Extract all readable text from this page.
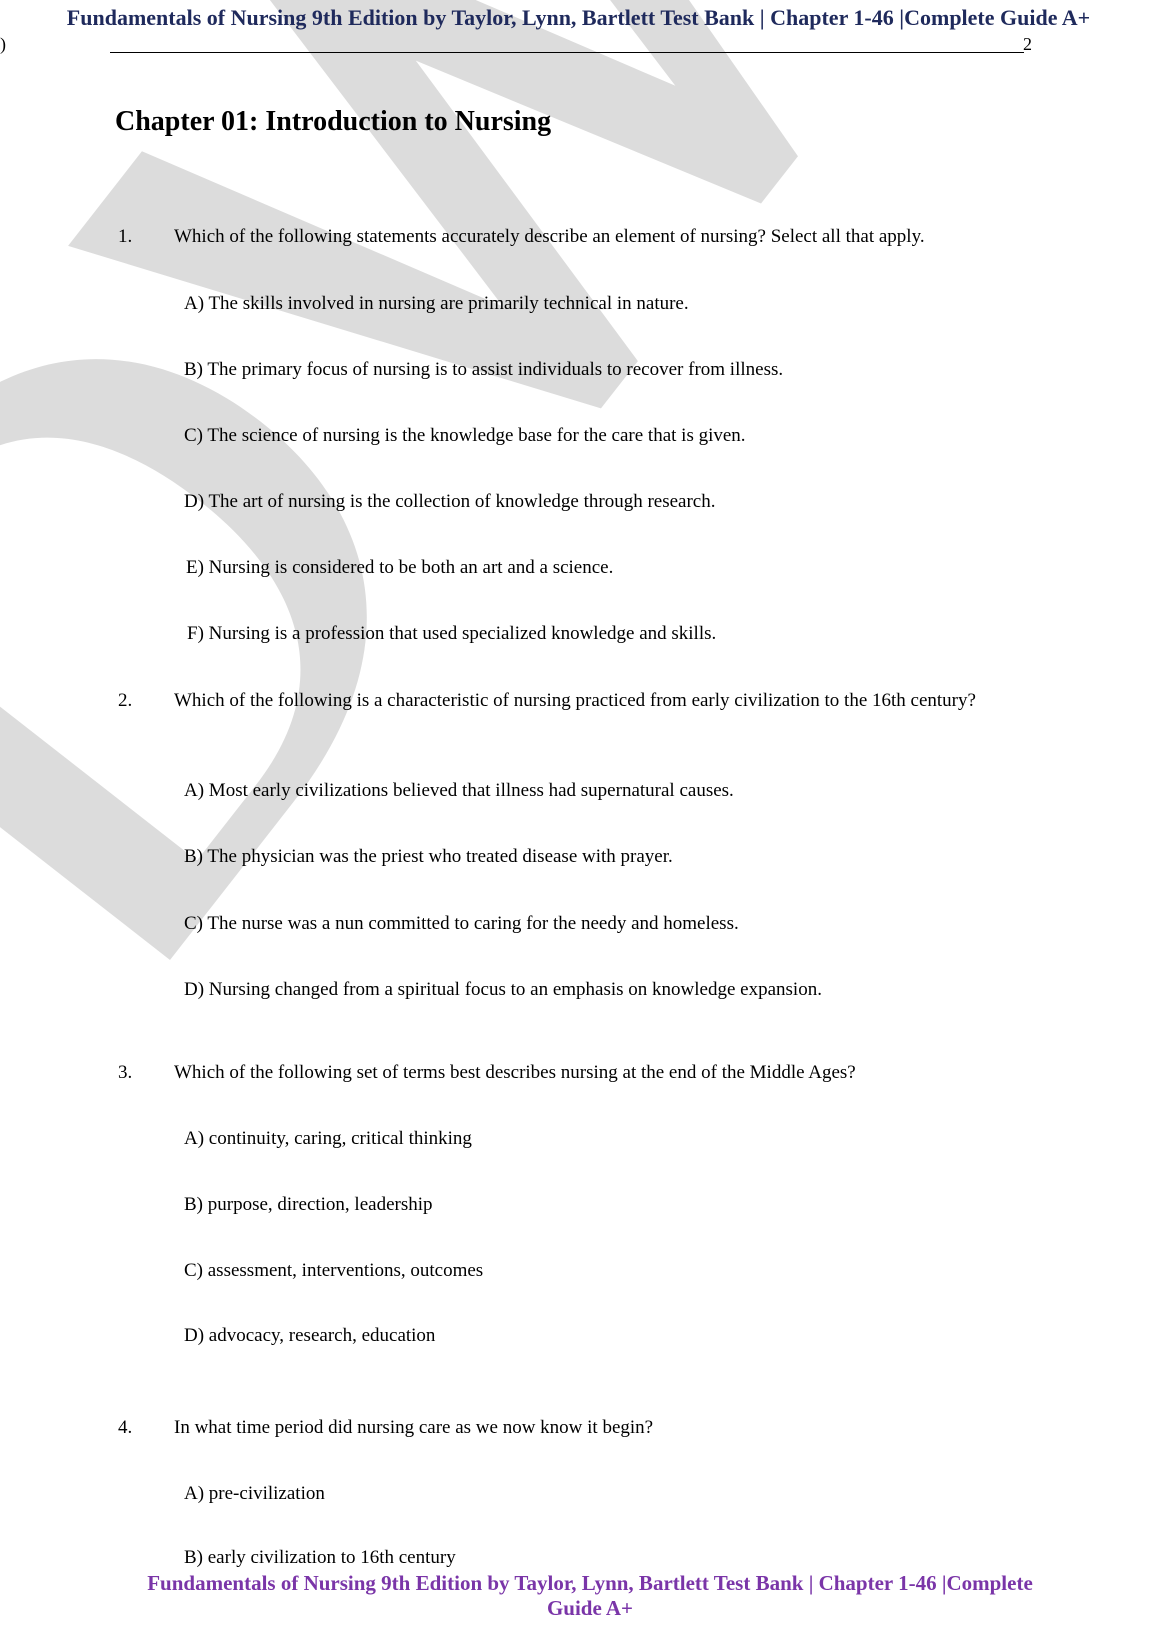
Fundamentals of Nursing 9th Edition by Taylor, Lynn, Bartlett Test Bank | Chapter 1-46 |Complete Guide A+
)	2
Chapter 01: Introduction to Nursing
1. Which of the following statements accurately describe an element of nursing? Select all that apply.
A) The skills involved in nursing are primarily technical in nature.
B) The primary focus of nursing is to assist individuals to recover from illness.
C) The science of nursing is the knowledge base for the care that is given.
D) The art of nursing is the collection of knowledge through research.
E) Nursing is considered to be both an art and a science.
F) Nursing is a profession that used specialized knowledge and skills.
2. Which of the following is a characteristic of nursing practiced from early civilization to the 16th century?
A) Most early civilizations believed that illness had supernatural causes.
B) The physician was the priest who treated disease with prayer.
C) The nurse was a nun committed to caring for the needy and homeless.
D) Nursing changed from a spiritual focus to an emphasis on knowledge expansion.
3. Which of the following set of terms best describes nursing at the end of the Middle Ages?
A) continuity, caring, critical thinking
B) purpose, direction, leadership
C) assessment, interventions, outcomes
D) advocacy, research, education
4. In what time period did nursing care as we now know it begin?
A) pre-civilization
B) early civilization to 16th century
Fundamentals of Nursing 9th Edition by Taylor, Lynn, Bartlett Test Bank | Chapter 1-46 |Complete Guide A+
